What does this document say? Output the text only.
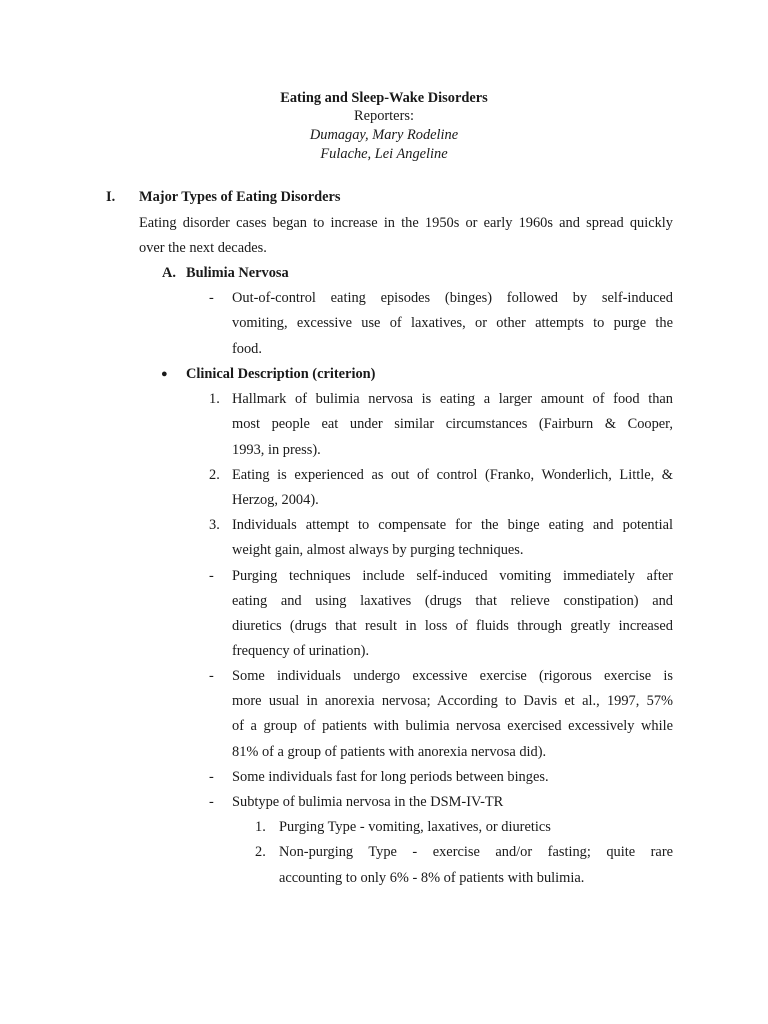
Eating and Sleep-Wake Disorders
Reporters:
Dumagay, Mary Rodeline
Fulache, Lei Angeline
I. Major Types of Eating Disorders
Eating disorder cases began to increase in the 1950s or early 1960s and spread quickly
over the next decades.
A. Bulimia Nervosa
- Out-of-control eating episodes (binges) followed by self-induced
vomiting, excessive use of laxatives, or other attempts to purge the
food.
● Clinical Description (criterion)
1. Hallmark of bulimia nervosa is eating a larger amount of food than
most people eat under similar circumstances (Fairburn & Cooper,
1993, in press).
2. Eating is experienced as out of control (Franko, Wonderlich, Little, &
Herzog, 2004).
3. Individuals attempt to compensate for the binge eating and potential
weight gain, almost always by purging techniques.
- Purging techniques include self-induced vomiting immediately after
eating and using laxatives (drugs that relieve constipation) and
diuretics (drugs that result in loss of fluids through greatly increased
frequency of urination).
- Some individuals undergo excessive exercise (rigorous exercise is
more usual in anorexia nervosa; According to Davis et al., 1997, 57%
of a group of patients with bulimia nervosa exercised excessively while
81% of a group of patients with anorexia nervosa did).
- Some individuals fast for long periods between binges.
- Subtype of bulimia nervosa in the DSM-IV-TR
1. Purging Type - vomiting, laxatives, or diuretics
2. Non-purging Type - exercise and/or fasting; quite rare
accounting to only 6% - 8% of patients with bulimia.
